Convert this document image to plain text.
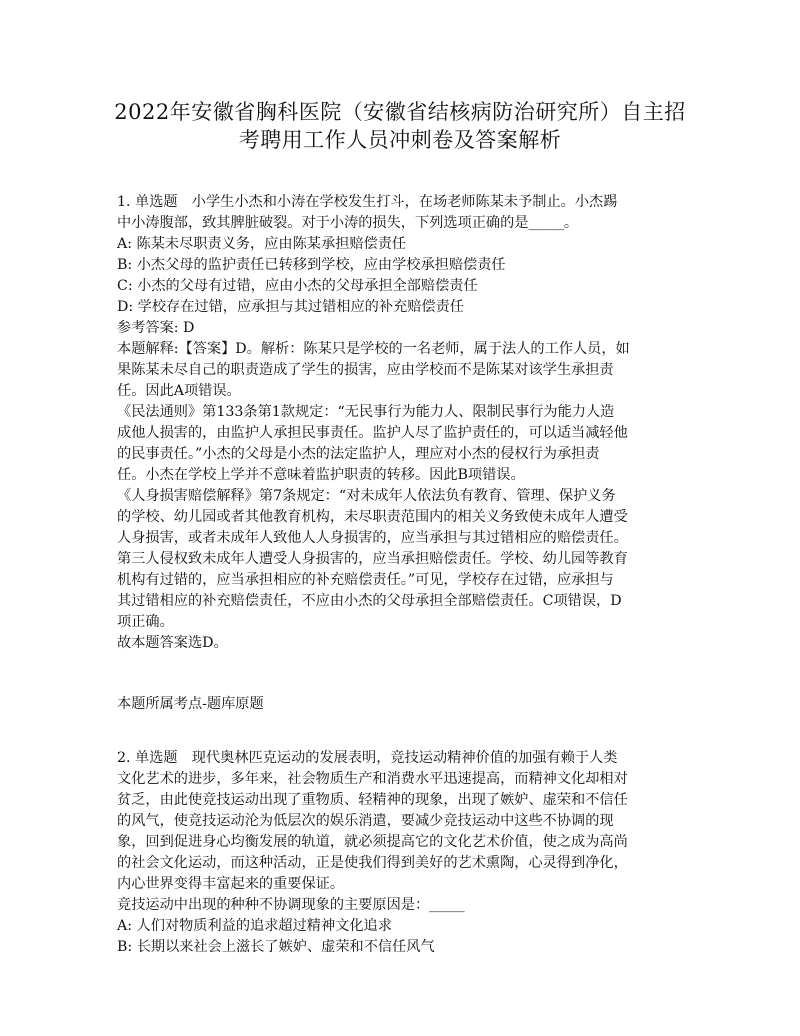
2022年安徽省胸科医院（安徽省结核病防治研究所）自主招
考聘用工作人员冲刺卷及答案解析
1. 单选题　小学生小杰和小涛在学校发生打斗，在场老师陈某未予制止。小杰踢
中小涛腹部，致其脾脏破裂。对于小涛的损失，下列选项正确的是_____。
A: 陈某未尽职责义务，应由陈某承担赔偿责任
B: 小杰父母的监护责任已转移到学校，应由学校承担赔偿责任
C: 小杰的父母有过错，应由小杰的父母承担全部赔偿责任
D: 学校存在过错，应承担与其过错相应的补充赔偿责任
参考答案: D
本题解释:【答案】D。解析：陈某只是学校的一名老师，属于法人的工作人员，如
果陈某未尽自己的职责造成了学生的损害，应由学校而不是陈某对该学生承担责
任。因此A项错误。
《民法通则》第133条第1款规定：“无民事行为能力人、限制民事行为能力人造
成他人损害的，由监护人承担民事责任。监护人尽了监护责任的，可以适当减轻他
的民事责任。”小杰的父母是小杰的法定监护人，理应对小杰的侵权行为承担责
任。小杰在学校上学并不意味着监护职责的转移。因此B项错误。
《人身损害赔偿解释》第7条规定：“对未成年人依法负有教育、管理、保护义务
的学校、幼儿园或者其他教育机构，未尽职责范围内的相关义务致使未成年人遭受
人身损害，或者未成年人致他人人身损害的，应当承担与其过错相应的赔偿责任。
第三人侵权致未成年人遭受人身损害的，应当承担赔偿责任。学校、幼儿园等教育
机构有过错的，应当承担相应的补充赔偿责任。”可见，学校存在过错，应承担与
其过错相应的补充赔偿责任，不应由小杰的父母承担全部赔偿责任。C项错误，D
项正确。
故本题答案选D。
本题所属考点-题库原题
2. 单选题　现代奥林匹克运动的发展表明，竞技运动精神价值的加强有赖于人类
文化艺术的进步，多年来，社会物质生产和消费水平迅速提高，而精神文化却相对
贫乏，由此使竞技运动出现了重物质、轻精神的现象，出现了嫉妒、虚荣和不信任
的风气，使竞技运动沦为低层次的娱乐消遣，要减少竞技运动中这些不协调的现
象，回到促进身心均衡发展的轨道，就必须提高它的文化艺术价值，使之成为高尚
的社会文化运动，而这种活动，正是使我们得到美好的艺术熏陶，心灵得到净化，
内心世界变得丰富起来的重要保证。
竞技运动中出现的种种不协调现象的主要原因是：_____
A: 人们对物质利益的追求超过精神文化追求
B: 长期以来社会上滋长了嫉妒、虚荣和不信任风气
